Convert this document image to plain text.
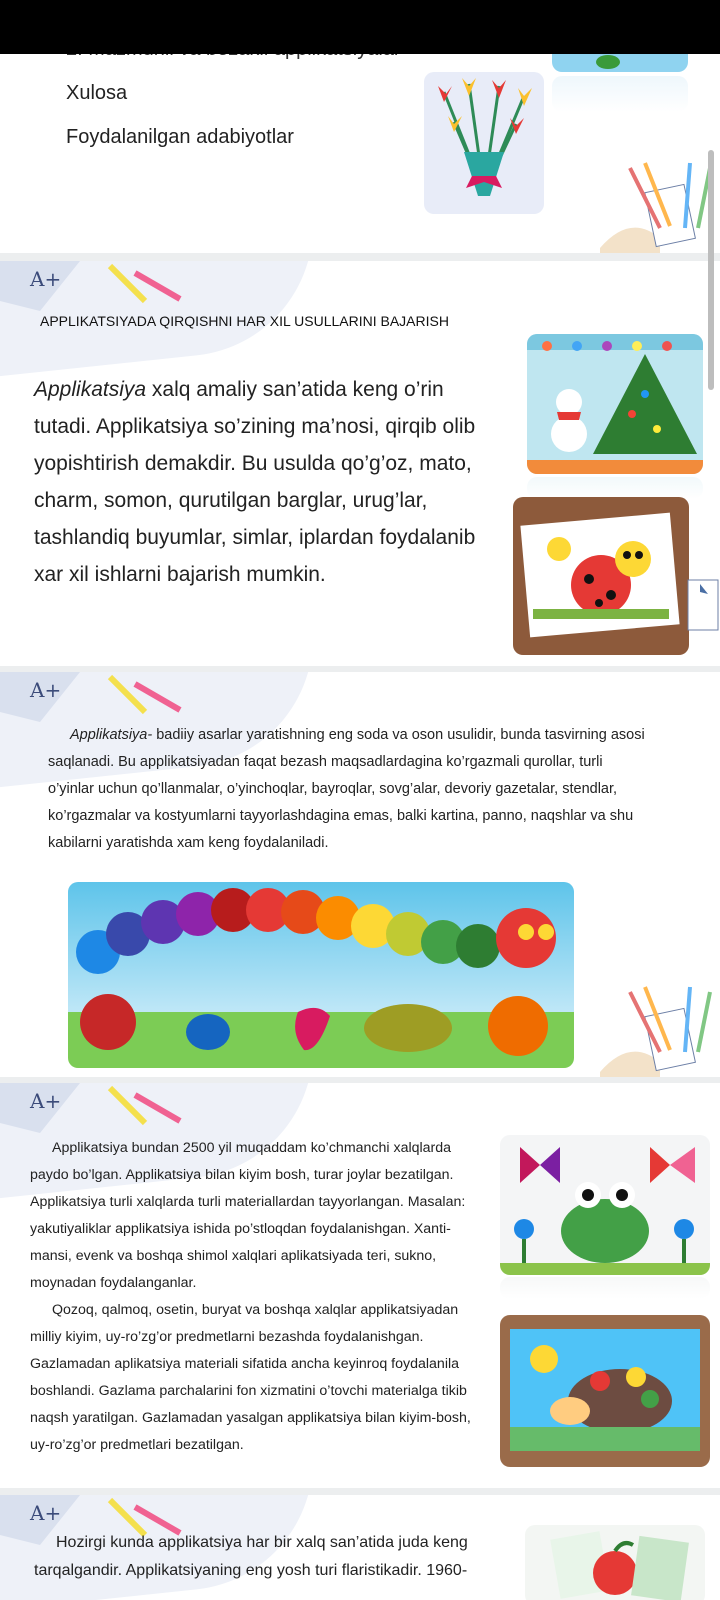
Xulosa
Foydalanilgan adabiyotlar
A+
APPLIKATSIYADA QIRQISHNI HAR XIL USULLARINI BAJARISH

Applikatsiya xalq amaliy san’atida keng o’rin tutadi. Applikatsiya so’zining ma’nosi, qirqib olib yopishtirish demakdir. Bu usulda qo’g’oz, mato, charm, somon, qurutilgan barglar, urug’lar, tashlandiq buyumlar, simlar, iplardan foydalanib xar xil ishlarni bajarish mumkin.

A+

Applikatsiya- badiiy asarlar yaratishning eng soda va oson usulidir, bunda tasvirning asosi saqlanadi. Bu applikatsiyadan faqat bezash maqsadlardagina ko’rgazmali qurollar, turli o’yinlar uchun qo’llanmalar, o’yinchoqlar, bayroqlar, sovg’alar, devoriy gazetalar, stendlar, ko’rgazmalar va kostyumlarni tayyorlashdagina emas, balki kartina, panno, naqshlar va shu kabilarni yaratishda xam keng foydalaniladi.

A+

Applikatsiya bundan 2500 yil muqaddam ko’chmanchi xalqlarda paydo bo’lgan. Applikatsiya bilan kiyim bosh, turar joylar bezatilgan. Applikatsiya turli xalqlarda turli materiallardan tayyorlangan. Masalan: yakutiyaliklar applikatsiya ishida po’stloqdan foydalanishgan. Xanti-mansi, evenk va boshqa shimol xalqlari aplikatsiyada teri, sukno, moynadan foydalanganlar.
Qozoq, qalmoq, osetin, buryat va boshqa xalqlar applikatsiyadan milliy kiyim, uy-ro’zg’or predmetlarni bezashda foydalanishgan. Gazlamadan aplikatsiya materiali sifatida ancha keyinroq foydalanila boshlandi. Gazlama parchalarini fon xizmatini o’tovchi materialga tikib naqsh yaratilgan. Gazlamadan yasalgan applikatsiya bilan kiyim-bosh, uy-ro’zg’or predmetlari bezatilgan.

A+

Hozirgi kunda applikatsiya har bir xalq san’atida juda keng tarqalgandir. Applikatsiyaning eng yosh turi flaristikadir. 1960-
